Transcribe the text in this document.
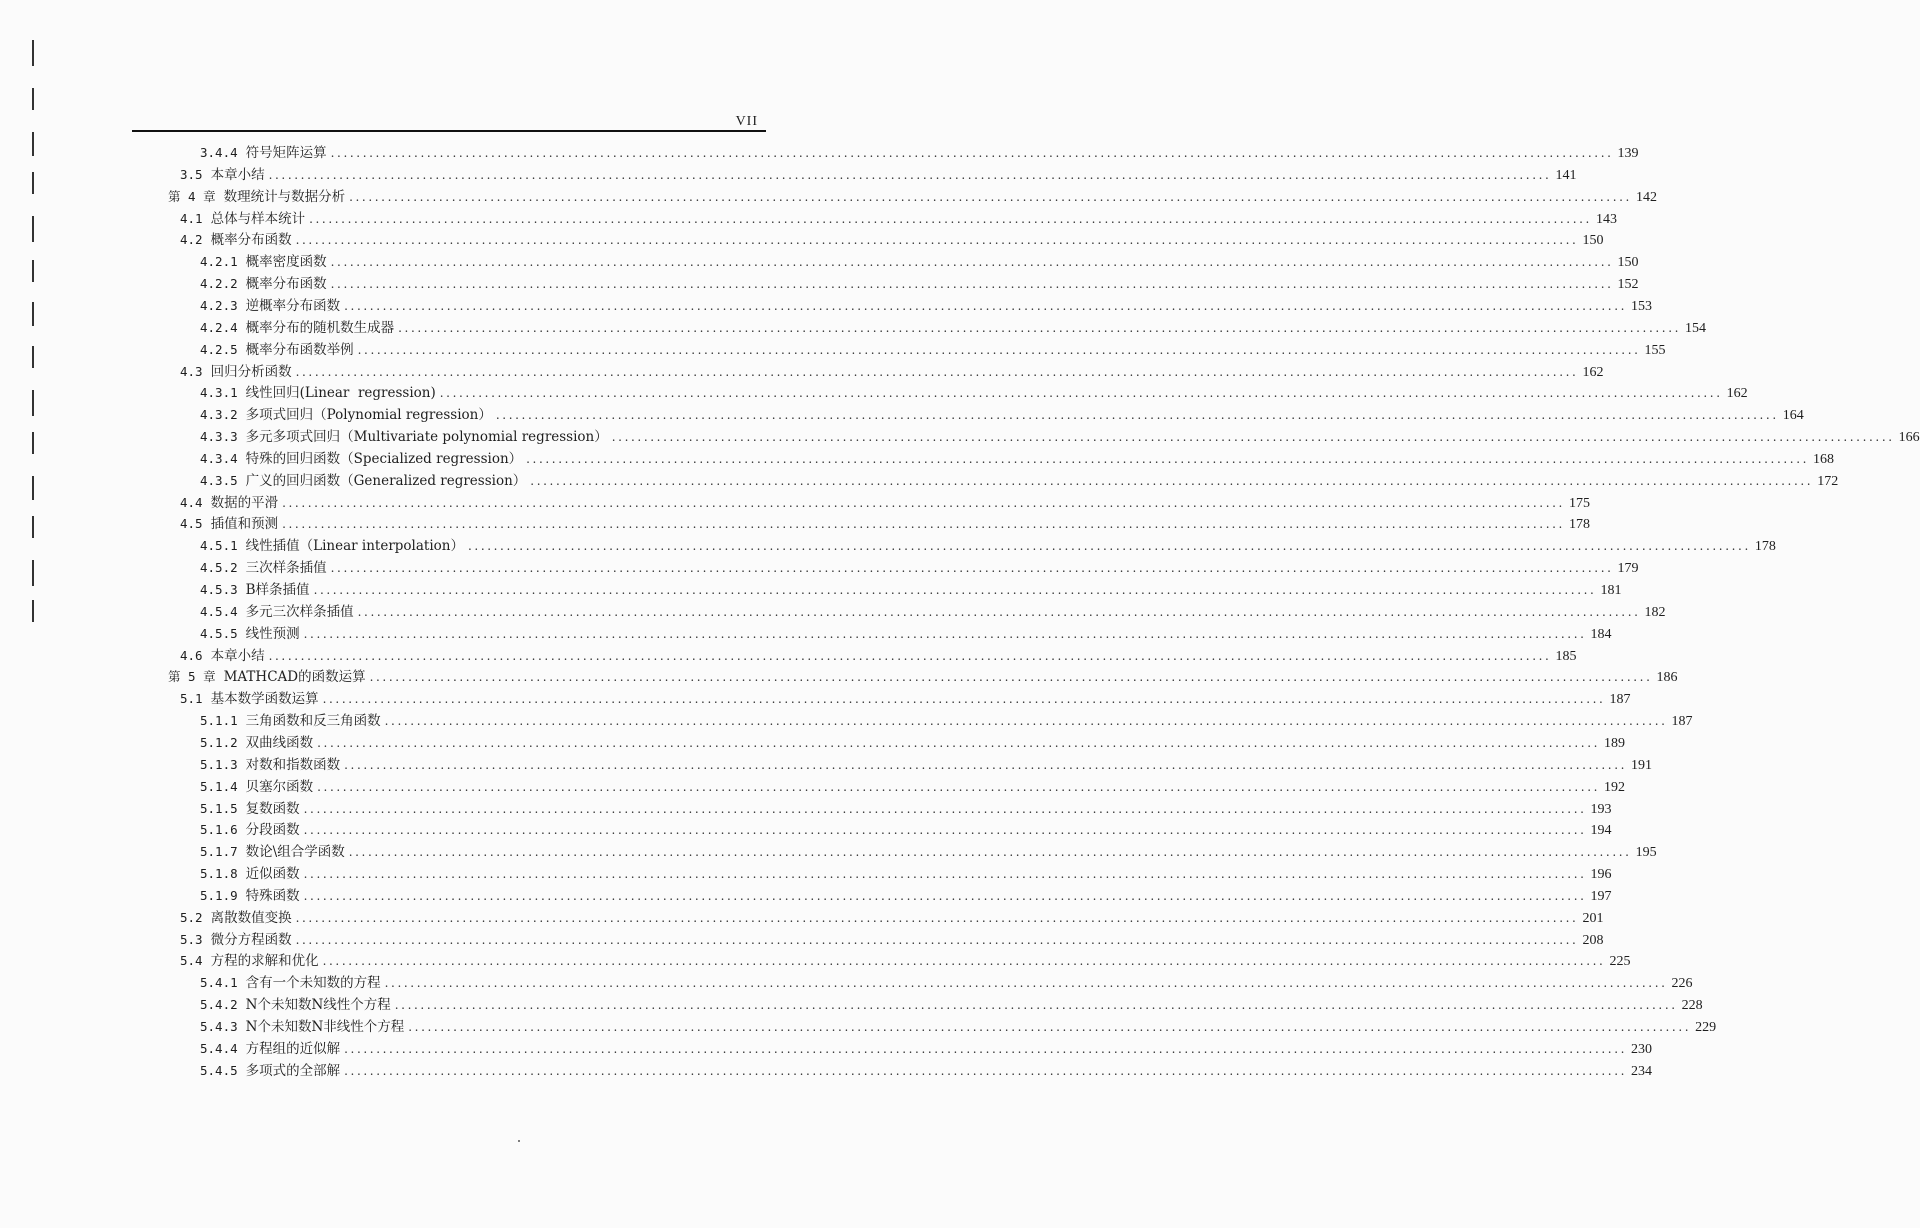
VII
3.4.4 符号矩阵运算 ........................................................................................................................................................................................................ 139
3.5 本章小结 ........................................................................................................................................................................................................ 141
第 4 章 数理统计与数据分析 ........................................................................................................................................................................................................ 142
4.1 总体与样本统计 ........................................................................................................................................................................................................ 143
4.2 概率分布函数 ........................................................................................................................................................................................................ 150
4.2.1 概率密度函数 ........................................................................................................................................................................................................ 150
4.2.2 概率分布函数 ........................................................................................................................................................................................................ 152
4.2.3 逆概率分布函数 ........................................................................................................................................................................................................ 153
4.2.4 概率分布的随机数生成器 ........................................................................................................................................................................................................ 154
4.2.5 概率分布函数举例 ........................................................................................................................................................................................................ 155
4.3 回归分析函数 ........................................................................................................................................................................................................ 162
4.3.1 线性回归(Linear  regression) ........................................................................................................................................................................................................ 162
4.3.2 多项式回归（Polynomial regression） ........................................................................................................................................................................................................ 164
4.3.3 多元多项式回归（Multivariate polynomial regression） ........................................................................................................................................................................................................ 166
4.3.4 特殊的回归函数（Specialized regression） ........................................................................................................................................................................................................ 168
4.3.5 广义的回归函数（Generalized regression） ........................................................................................................................................................................................................ 172
4.4 数据的平滑 ........................................................................................................................................................................................................ 175
4.5 插值和预测 ........................................................................................................................................................................................................ 178
4.5.1 线性插值（Linear interpolation） ........................................................................................................................................................................................................ 178
4.5.2 三次样条插值 ........................................................................................................................................................................................................ 179
4.5.3 B样条插值 ........................................................................................................................................................................................................ 181
4.5.4 多元三次样条插值 ........................................................................................................................................................................................................ 182
4.5.5 线性预测 ........................................................................................................................................................................................................ 184
4.6 本章小结 ........................................................................................................................................................................................................ 185
第 5 章 MATHCAD的函数运算 ........................................................................................................................................................................................................ 186
5.1 基本数学函数运算 ........................................................................................................................................................................................................ 187
5.1.1 三角函数和反三角函数 ........................................................................................................................................................................................................ 187
5.1.2 双曲线函数 ........................................................................................................................................................................................................ 189
5.1.3 对数和指数函数 ........................................................................................................................................................................................................ 191
5.1.4 贝塞尔函数 ........................................................................................................................................................................................................ 192
5.1.5 复数函数 ........................................................................................................................................................................................................ 193
5.1.6 分段函数 ........................................................................................................................................................................................................ 194
5.1.7 数论\组合学函数 ........................................................................................................................................................................................................ 195
5.1.8 近似函数 ........................................................................................................................................................................................................ 196
5.1.9 特殊函数 ........................................................................................................................................................................................................ 197
5.2 离散数值变换 ........................................................................................................................................................................................................ 201
5.3 微分方程函数 ........................................................................................................................................................................................................ 208
5.4 方程的求解和优化 ........................................................................................................................................................................................................ 225
5.4.1 含有一个未知数的方程 ........................................................................................................................................................................................................ 226
5.4.2 N个未知数N线性个方程 ........................................................................................................................................................................................................ 228
5.4.3 N个未知数N非线性个方程 ........................................................................................................................................................................................................ 229
5.4.4 方程组的近似解 ........................................................................................................................................................................................................ 230
5.4.5 多项式的全部解 ........................................................................................................................................................................................................ 234
